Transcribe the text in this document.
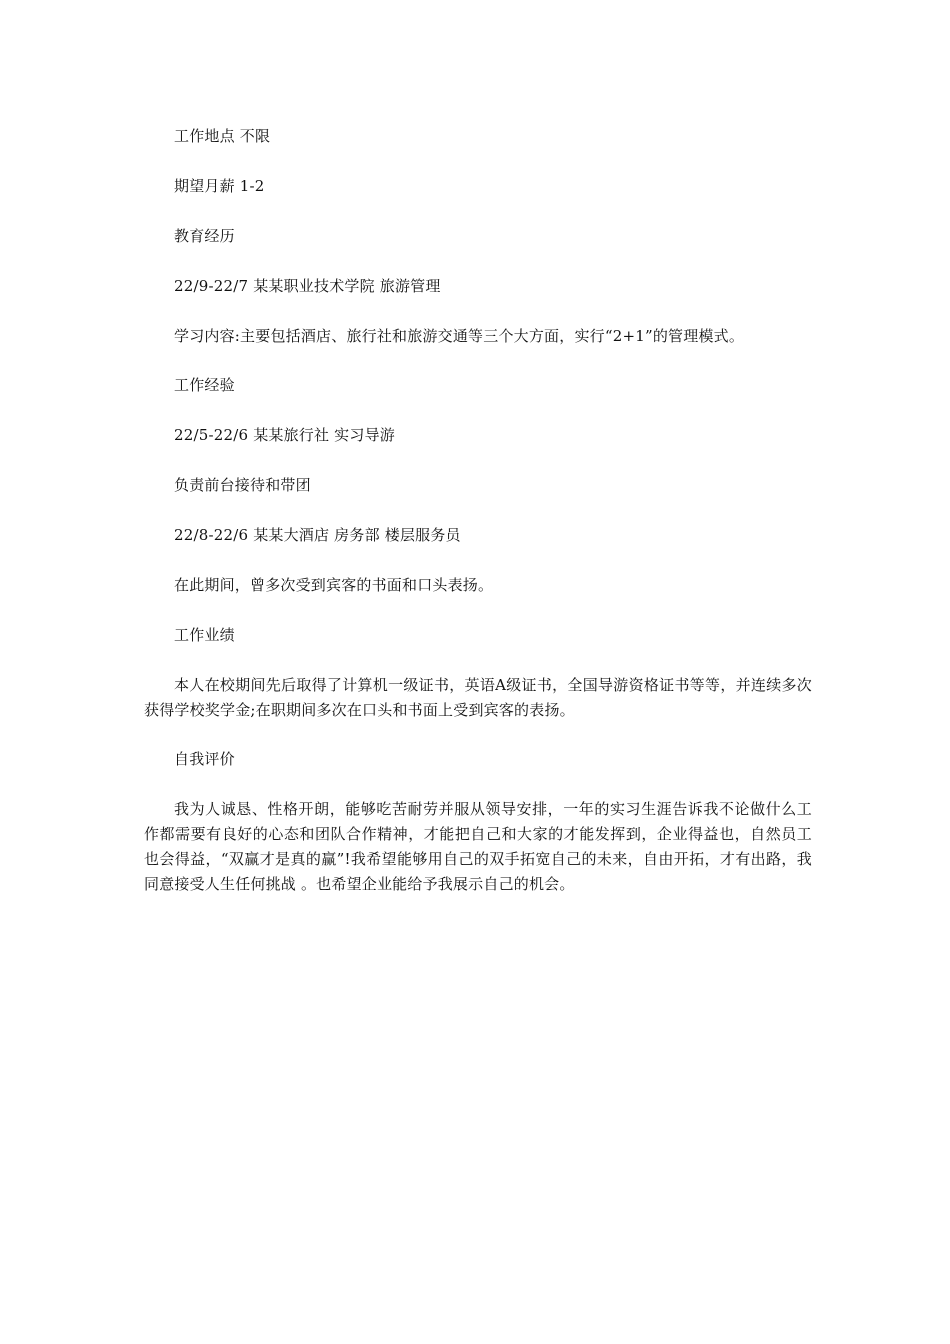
工作地点 不限
期望月薪 1-2
教育经历
22/9-22/7 某某职业技术学院 旅游管理
学习内容:主要包括酒店、旅行社和旅游交通等三个大方面，实行“2+1”的管理模式。
工作经验
22/5-22/6 某某旅行社 实习导游
负责前台接待和带团
22/8-22/6 某某大酒店 房务部 楼层服务员
在此期间，曾多次受到宾客的书面和口头表扬。
工作业绩
本人在校期间先后取得了计算机一级证书，英语A级证书，全国导游资格证书等等，并连续多次获得学校奖学金;在职期间多次在口头和书面上受到宾客的表扬。
自我评价
我为人诚恳、性格开朗，能够吃苦耐劳并服从领导安排，一年的实习生涯告诉我不论做什么工作都需要有良好的心态和团队合作精神，才能把自己和大家的才能发挥到，企业得益也，自然员工也会得益，“双赢才是真的赢”!我希望能够用自己的双手拓宽自己的未来，自由开拓，才有出路，我同意接受人生任何挑战 。也希望企业能给予我展示自己的机会。
